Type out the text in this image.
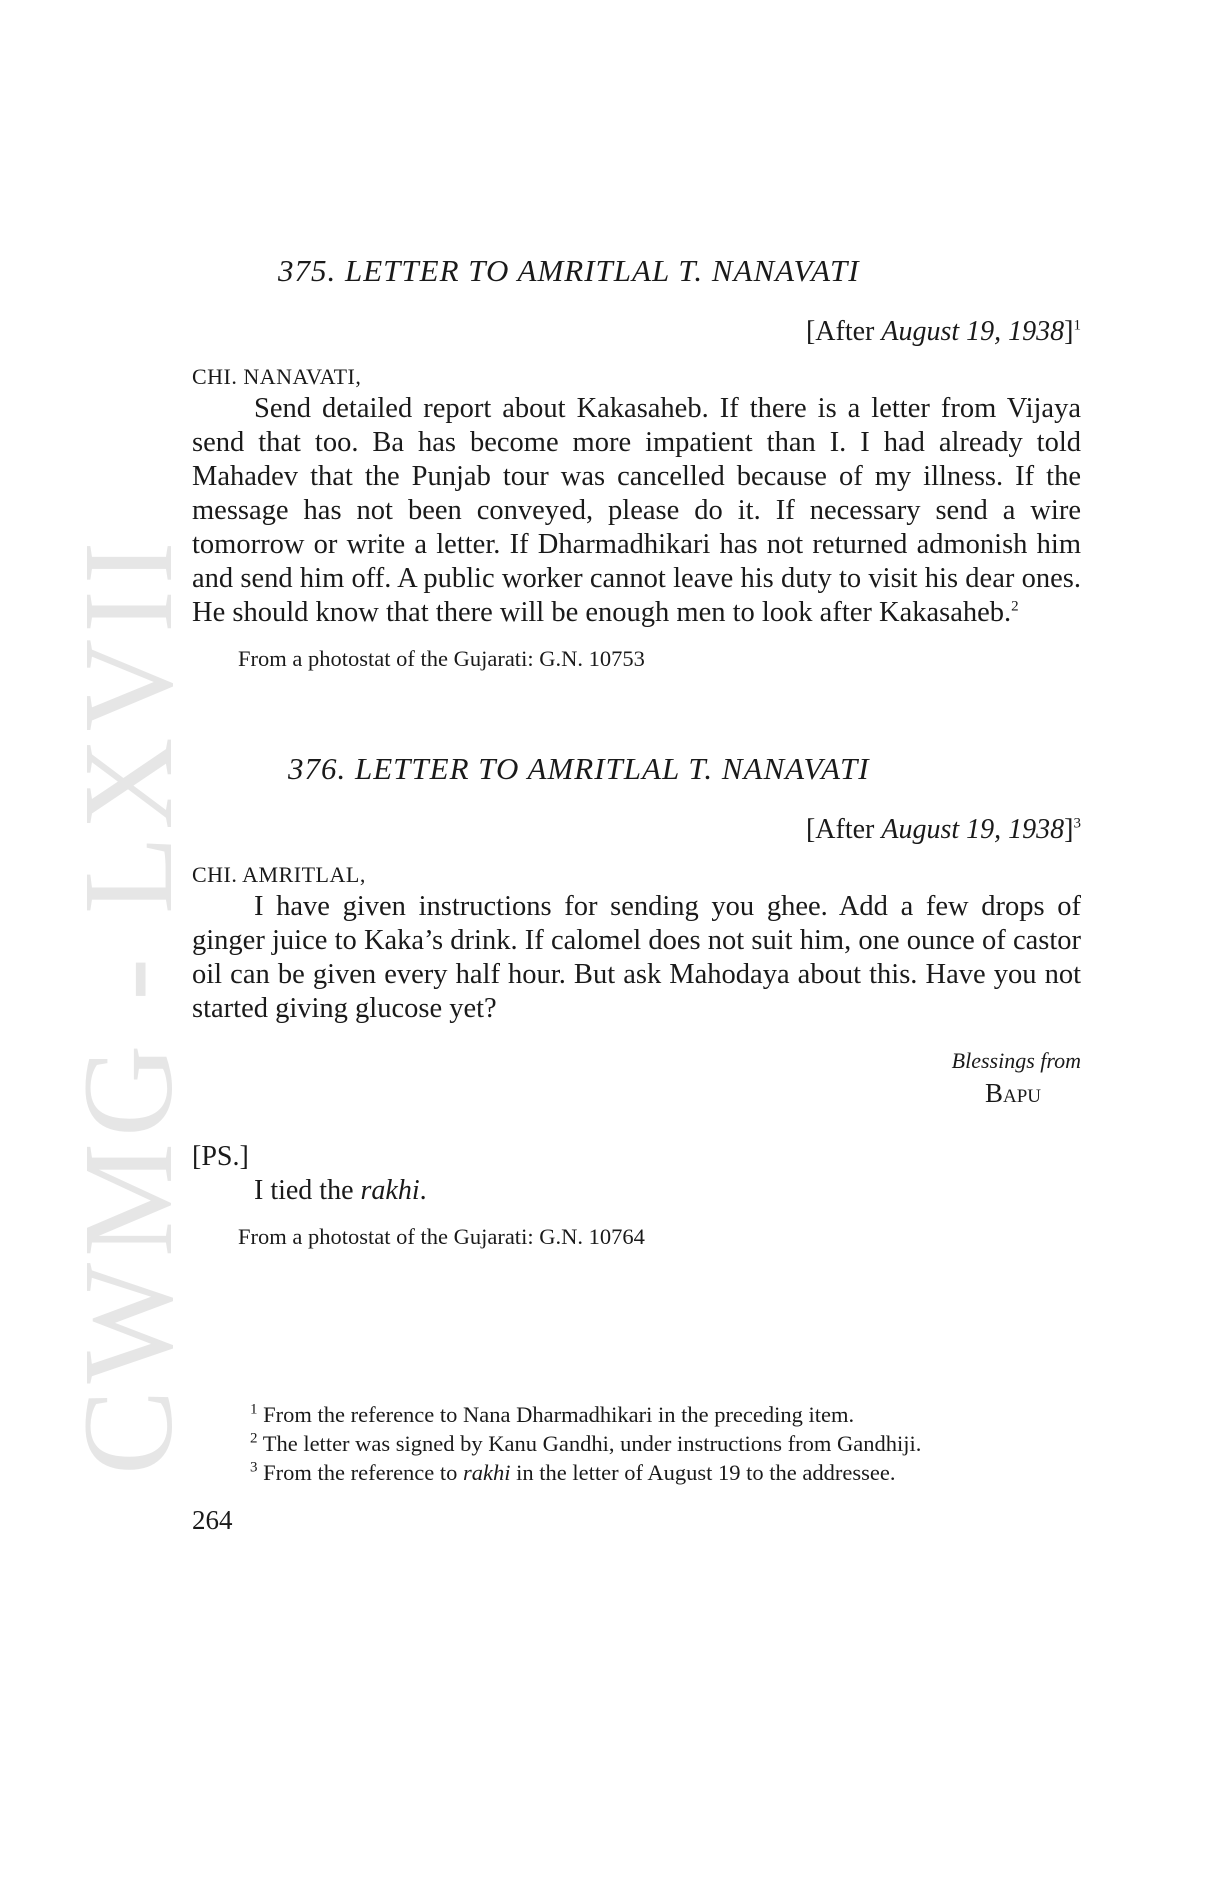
CWMG - LXVII
375. LETTER TO AMRITLAL T. NANAVATI
[After August 19, 1938]$^1$
CHI. NANAVATI,

Send detailed report about Kakasaheb. If there is a letter from Vijaya send that too. Ba has become more impatient than I. I had already told Mahadev that the Punjab tour was cancelled because of my illness. If the message has not been conveyed, please do it. If necessary send a wire tomorrow or write a letter. If Dharmadhikari has not returned admonish him and send him off. A public worker cannot leave his duty to visit his dear ones. He should know that there will be enough men to look after Kakasaheb.$^2$

From a photostat of the Gujarati: G.N. 10753
376. LETTER TO AMRITLAL T. NANAVATI
[After August 19, 1938]$^3$
CHI. AMRITLAL,

I have given instructions for sending you ghee. Add a few drops of ginger juice to Kaka’s drink. If calomel does not suit him, one ounce of castor oil can be given every half hour. But ask Mahodaya about this. Have you not started giving glucose yet?

Blessings from
Bapu
[PS.]
I tied the rakhi.
From a photostat of the Gujarati: G.N. 10764

$^1$ From the reference to Nana Dharmadhikari in the preceding item.

$^2$ The letter was signed by Kanu Gandhi, under instructions from Gandhiji.

$^3$ From the reference to rakhi in the letter of August 19 to the addressee.

264
